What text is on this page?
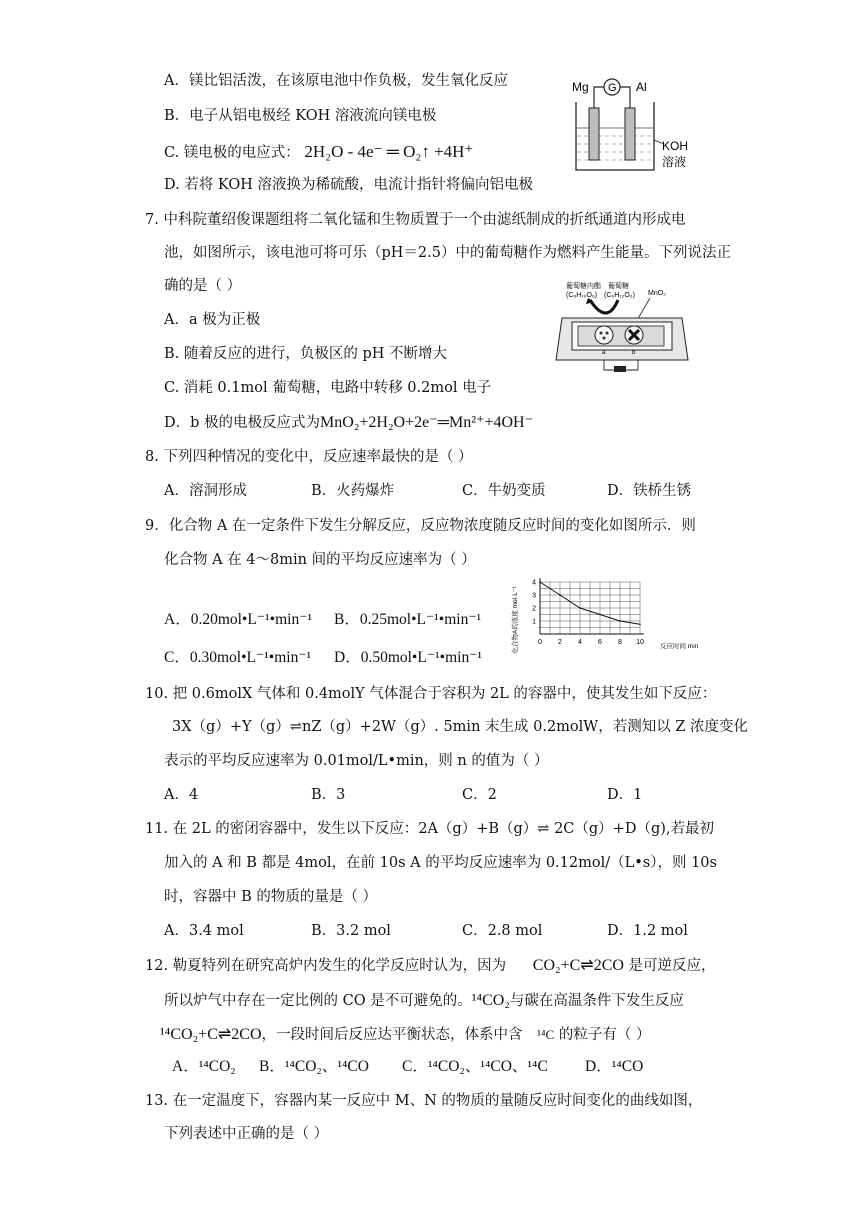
A．镁比铝活泼，在该原电池中作负极，发生氧化反应
B．电子从铝电极经 KOH 溶液流向镁电极
C. 镁电极的电应式： 2H₂O - 4e⁻ ═ O₂↑ +4H⁺
D. 若将 KOH 溶液换为稀硫酸，电流计指针将偏向铝电极
Mg G Al
KOH
溶液
7. 中科院董绍俊课题组将二氧化锰和生物质置于一个由滤纸制成的折纸通道内形成电
池，如图所示，该电池可将可乐（pH＝2.5）中的葡萄糖作为燃料产生能量。下列说法正
确的是（ ）
A．a 极为正极
B. 随着反应的进行，负极区的 pH 不断增大
C. 消耗 0.1mol 葡萄糖，电路中转移 0.2mol 电子
D．b 极的电极反应式为MnO₂+2H₂O+2e⁻═Mn²⁺+4OH⁻
葡萄糖内酯
(C₆H₁₀O₆)
葡萄糖
(C₆H₁₂O₆) MnO₂
a	b
8. 下列四种情况的变化中，反应速率最快的是（ ）
A．溶洞形成	B．火药爆炸	C．牛奶变质	D．铁桥生锈
9．化合物 A 在一定条件下发生分解反应，反应物浓度随反应时间的变化如图所示．则
化合物 A 在 4～8min 间的平均反应速率为（ ）
A．0.20mol•L⁻¹•min⁻¹ B．0.25mol•L⁻¹•min⁻¹
C．0.30mol•L⁻¹•min⁻¹ D．0.50mol•L⁻¹•min⁻¹
0 2 4 6 8 10
1
2
3
4
化合物A的浓度 mol·L⁻¹	反应时间 min
10. 把 0.6molX 气体和 0.4molY 气体混合于容积为 2L 的容器中，使其发生如下反应：
3X（g）+Y（g）⇌nZ（g）+2W（g）. 5min 末生成 0.2molW，若测知以 Z 浓度变化
表示的平均反应速率为 0.01mol/L•min，则 n 的值为（ ）
A．4	B．3	C．2	D．1
11. 在 2L 的密闭容器中，发生以下反应：2A（g）+B（g）⇌ 2C（g）+D（g),若最初
加入的 A 和 B 都是 4mol，在前 10s A 的平均反应速率为 0.12mol/（L•s），则 10s
时，容器中 B 的物质的量是（ ）
A．3.4 mol	B．3.2 mol	C．2.8 mol	D．1.2 mol
12. 勒夏特列在研究高炉内发生的化学反应时认为，因为 CO₂+C⇌2CO 是可逆反应，
所以炉气中存在一定比例的 CO 是不可避免的。¹⁴CO₂与碳在高温条件下发生反应
¹⁴CO₂+C⇌2CO，一段时间后反应达平衡状态，体系中含 ¹⁴C 的粒子有（ ）
A．¹⁴CO₂ B．¹⁴CO₂、¹⁴CO C．¹⁴CO₂、¹⁴CO、¹⁴C D．¹⁴CO
13. 在一定温度下，容器内某一反应中 M、N 的物质的量随反应时间变化的曲线如图，
下列表述中正确的是（ ）
